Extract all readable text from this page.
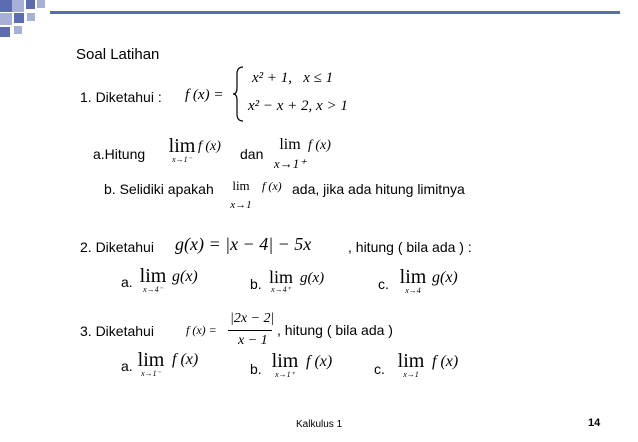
Soal Latihan
1. Diketahui : f (x) =
x² + 1,   x ≤ 1
x² − x + 2, x > 1
a.Hitung	lim
x→1⁻
f (x) dan
lim
x→1⁺
f (x)
b. Selidiki apakah	lim
x→1
f (x) ada, jika ada hitung limitnya
2. Diketahui g(x) = |x − 4| − 5x	, hitung ( bila ada ) :
a. lim
x→4⁻
g(x)	b. lim
x→4⁺
g(x)	c. lim
x→4
g(x)
3. Diketahui	f (x) =
|2x − 2|
x − 1
, hitung ( bila ada )
a. lim
x→1⁻
f (x)
b. lim
x→1⁺
f (x)	c. lim
x→1
f (x)
Kalkulus 1	14
